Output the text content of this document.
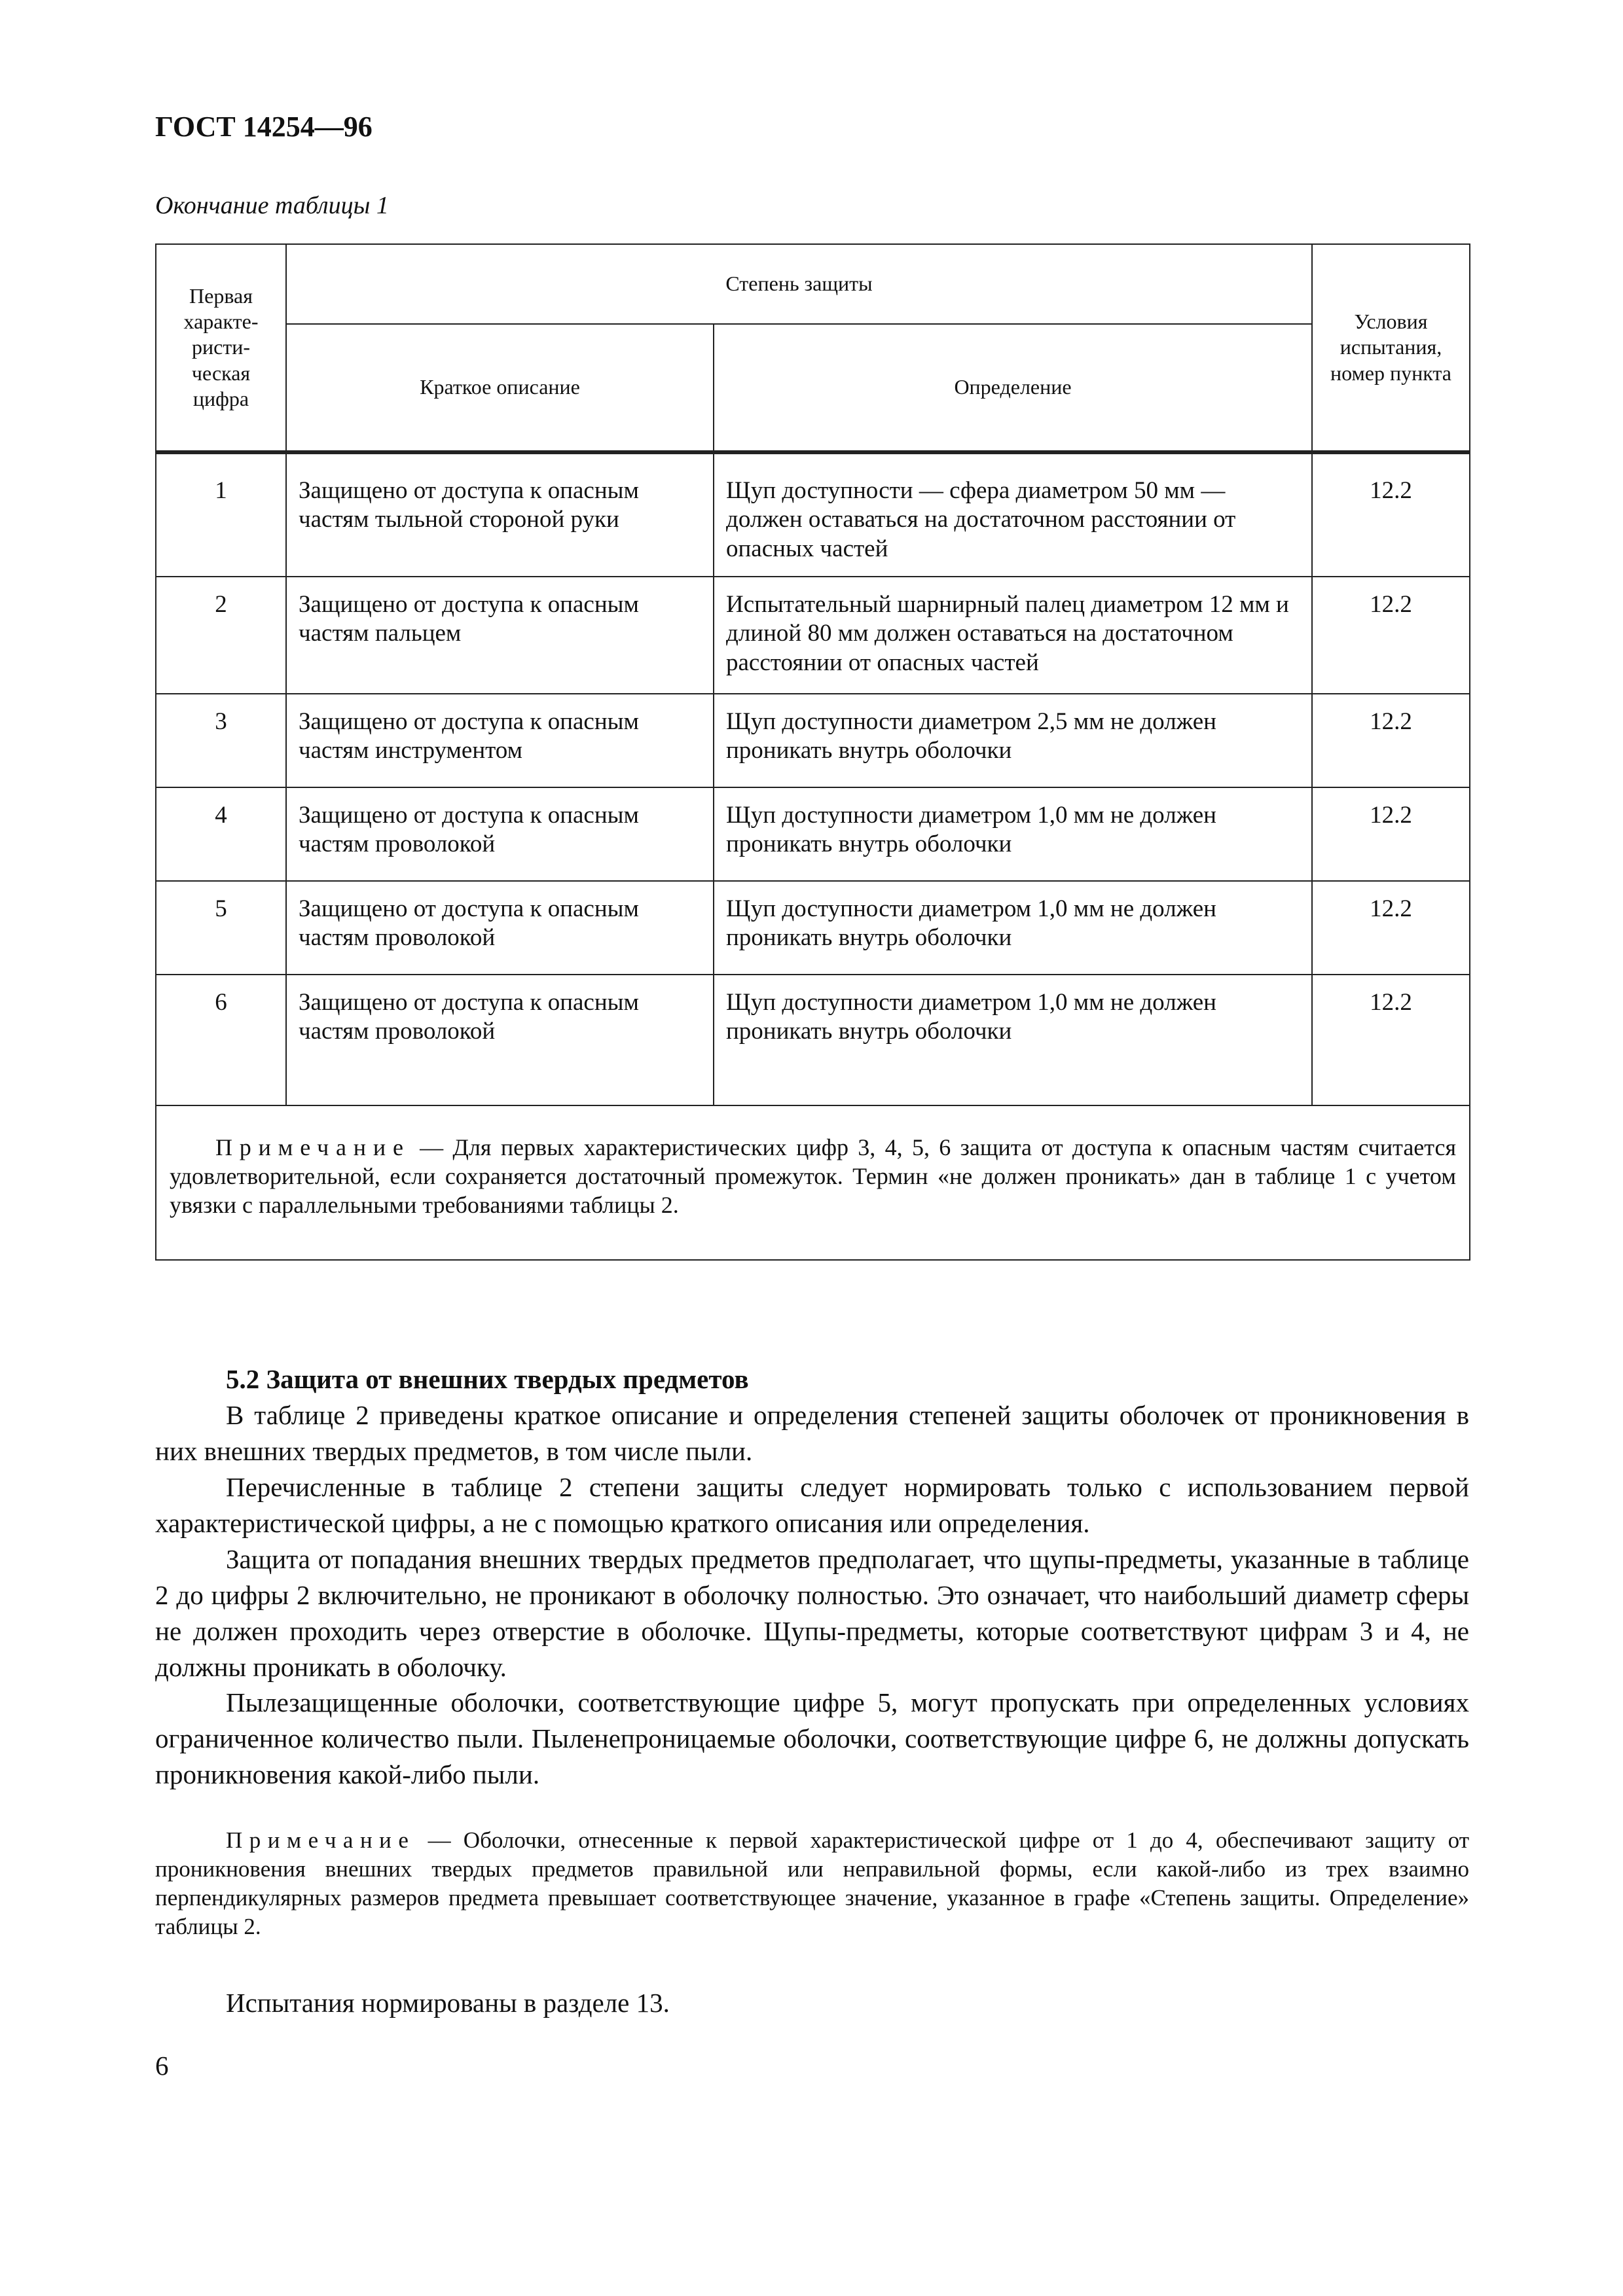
ГОСТ 14254—96
Окончание таблицы 1
Первая характе-ристи-ческая цифра	Степень защиты		Условия испытания, номер пункта
	Краткое описание	Определение	
1	Защищено от доступа к опасным частям тыльной стороной руки	Щуп доступности — сфера диаметром 50 мм — должен оставаться на достаточном расстоянии от опасных частей	12.2
2	Защищено от доступа к опасным частям пальцем	Испытательный шарнирный палец диаметром 12 мм и длиной 80 мм должен оставаться на достаточном расстоянии от опасных частей	12.2
3	Защищено от доступа к опасным частям инструментом	Щуп доступности диаметром 2,5 мм не должен проникать внутрь оболочки	12.2
4	Защищено от доступа к опасным частям проволокой	Щуп доступности диаметром 1,0 мм не должен проникать внутрь оболочки	12.2
5	Защищено от доступа к опасным частям проволокой	Щуп доступности диаметром 1,0 мм не должен проникать внутрь оболочки	12.2
6	Защищено от доступа к опасным частям проволокой	Щуп доступности диаметром 1,0 мм не должен проникать внутрь оболочки	12.2

Примечание — Для первых характеристических цифр 3, 4, 5, 6 защита от доступа к опасным частям считается удовлетворительной, если сохраняется достаточный промежуток. Термин «не должен проникать» дан в таблице 1 с учетом увязки с параллельными требованиями таблицы 2.			

5.2 Защита от внешних твердых предметов

В таблице 2 приведены краткое описание и определения степеней защиты оболочек от проникновения в них внешних твердых предметов, в том числе пыли.

Перечисленные в таблице 2 степени защиты следует нормировать только с использованием первой характеристической цифры, а не с помощью краткого описания или определения.

Защита от попадания внешних твердых предметов предполагает, что щупы-предметы, указанные в таблице 2 до цифры 2 включительно, не проникают в оболочку полностью. Это означает, что наибольший диаметр сферы не должен проходить через отверстие в оболочке. Щупы-предметы, которые соответствуют цифрам 3 и 4, не должны проникать в оболочку.

Пылезащищенные оболочки, соответствующие цифре 5, могут пропускать при определенных условиях ограниченное количество пыли. Пыленепроницаемые оболочки, соответствующие цифре 6, не должны допускать проникновения какой-либо пыли.

Примечание — Оболочки, отнесенные к первой характеристической цифре от 1 до 4, обеспечивают защиту от проникновения внешних твердых предметов правильной или неправильной формы, если какой-либо из трех взаимно перпендикулярных размеров предмета превышает соответствующее значение, указанное в графе «Степень защиты. Определение» таблицы 2.

Испытания нормированы в разделе 13.
6
